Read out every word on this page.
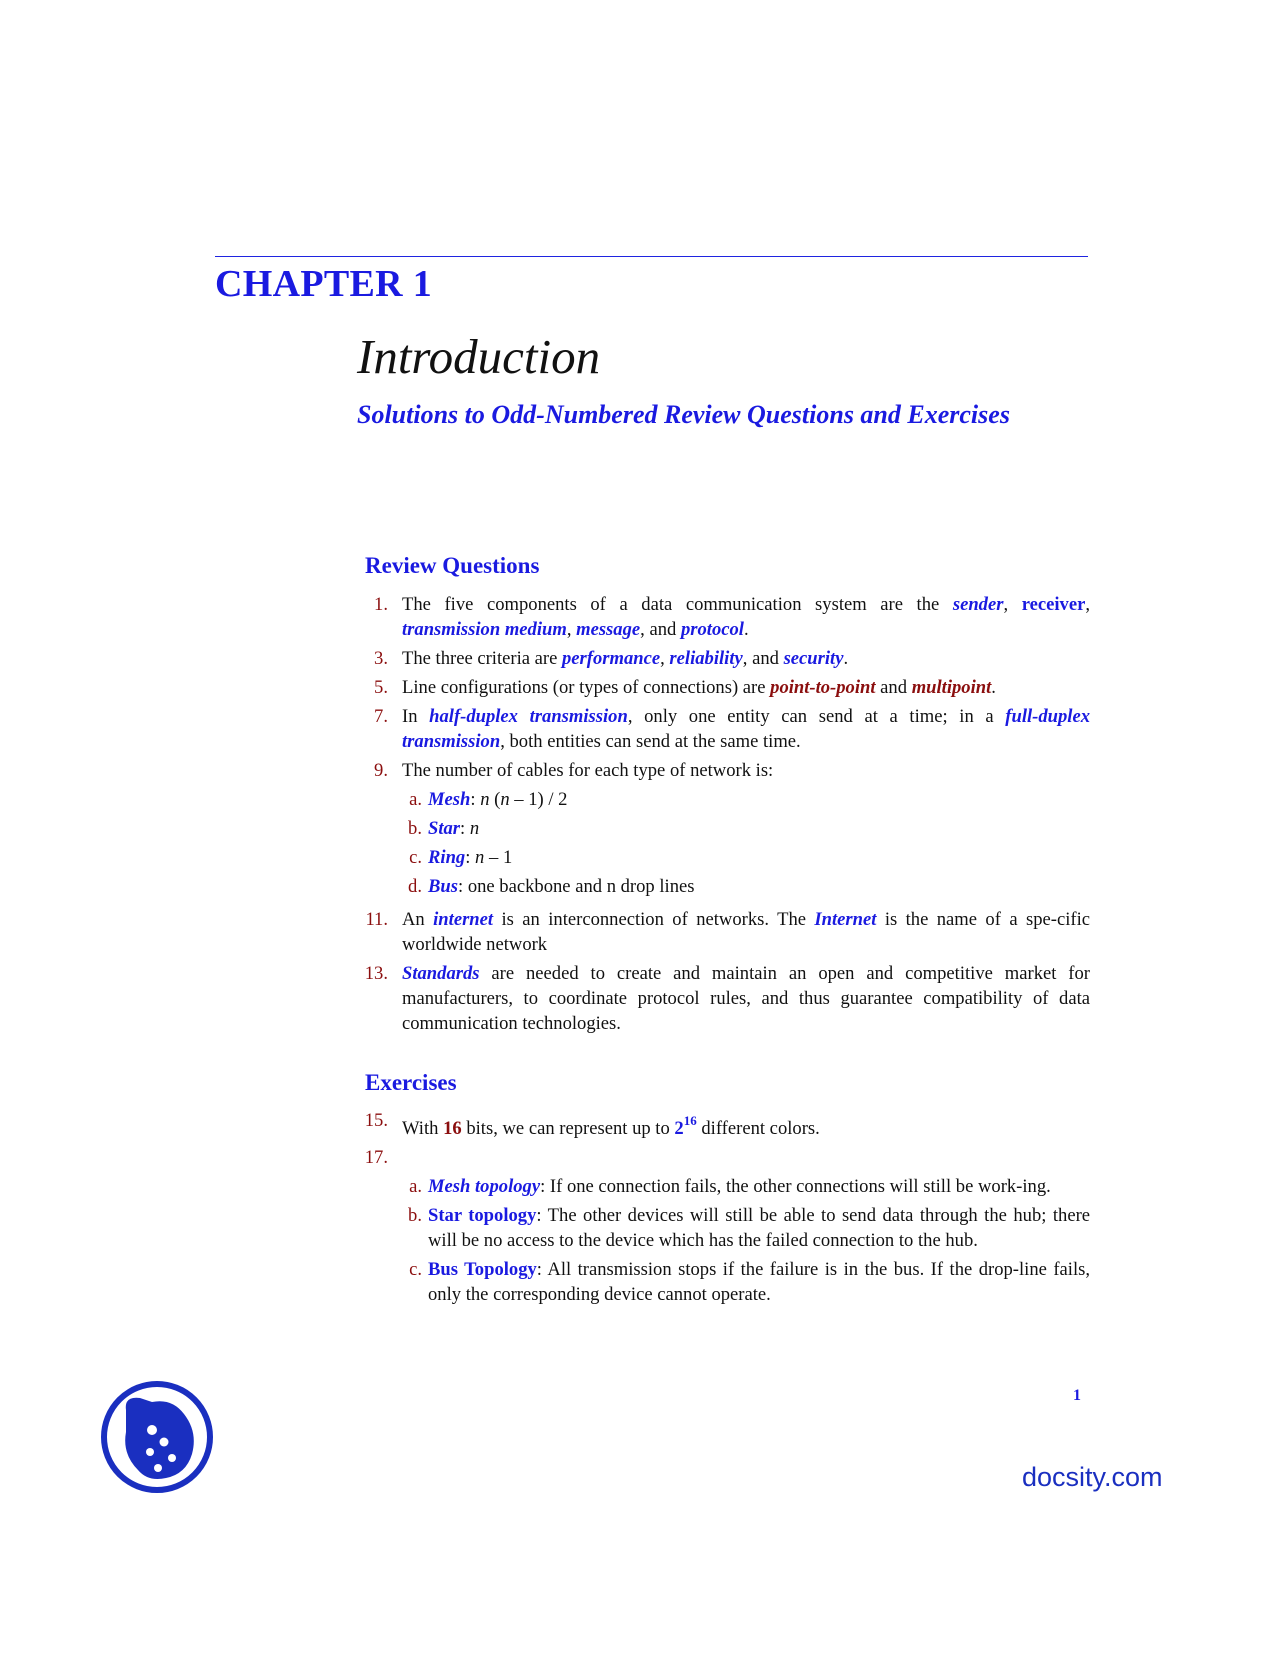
CHAPTER 1
Introduction
Solutions to Odd-Numbered Review Questions and Exercises
Review Questions
1. The five components of a data communication system are the sender, receiver, transmission medium, message, and protocol.
3. The three criteria are performance, reliability, and security.
5. Line configurations (or types of connections) are point-to-point and multipoint.
7. In half-duplex transmission, only one entity can send at a time; in a full-duplex transmission, both entities can send at the same time.
9. The number of cables for each type of network is:
a. Mesh: n (n – 1) / 2
b. Star: n
c. Ring: n – 1
d. Bus: one backbone and n drop lines
11. An internet is an interconnection of networks. The Internet is the name of a spe-cific worldwide network
13. Standards are needed to create and maintain an open and competitive market for manufacturers, to coordinate protocol rules, and thus guarantee compatibility of data communication technologies.
Exercises
15. With 16 bits, we can represent up to $2^{16}$ different colors.
17.

a. Mesh topology: If one connection fails, the other connections will still be work-ing.
b. Star topology: The other devices will still be able to send data through the hub; there will be no access to the device which has the failed connection to the hub.
c. Bus Topology: All transmission stops if the failure is in the bus. If the drop-line fails, only the corresponding device cannot operate.
1
docsity.com
